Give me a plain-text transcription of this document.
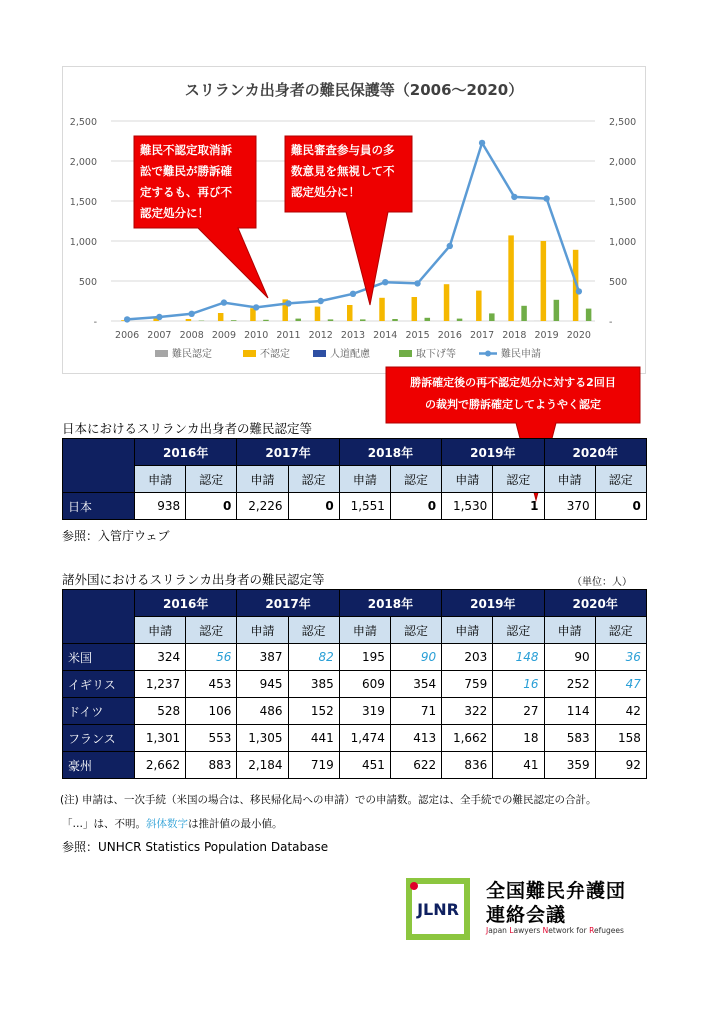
スリランカ出身者の難民保護等（2006〜2020）
2,500
2,000
1,500
1,000
500
-
2,500
2,000
1,500
1,000
500
-
2006 2007 2008 2009 2010 2011 2012 2013 2014 2015 2016 2017 2018 2019 2020
難民認定	不認定	人道配慮	取下げ等	難民申請
難民不認定取消訴
訟で難民が勝訴確
定するも、再び不
認定処分に！
難民審査参与員の多
数意見を無視して不
認定処分に！
勝訴確定後の再不認定処分に対する2回目
の裁判で勝訴確定してようやく認定
日本におけるスリランカ出身者の難民認定等
	2016年		2017年		2018年		2019年		2020年	
	申請	認定	申請	認定	申請	認定	申請	認定	申請	認定
日本	938	0	2,226	0	1,551	0	1,530	1	370	0
参照：入管庁ウェブ
諸外国におけるスリランカ出身者の難民認定等	（単位：人）
	2016年		2017年		2018年		2019年		2020年	
	申請	認定	申請	認定	申請	認定	申請	認定	申請	認定
米国	324	56	387	82	195	90	203	148	90	36
イギリス	1,237	453	945	385	609	354	759	16	252	47
ドイツ	528	106	486	152	319	71	322	27	114	42
フランス	1,301	553	1,305	441	1,474	413	1,662	18	583	158
豪州	2,662	883	2,184	719	451	622	836	41	359	92
(注) 申請は、一次手続（米国の場合は、移民帰化局への申請）での申請数。認定は、全手続での難民認定の合計。
「…」は、不明。斜体数字は推計値の最小値。
参照：UNHCR Statistics Population Database
JLNR
全国難民弁護団
連絡会議
Japan Lawyers Network for Refugees
